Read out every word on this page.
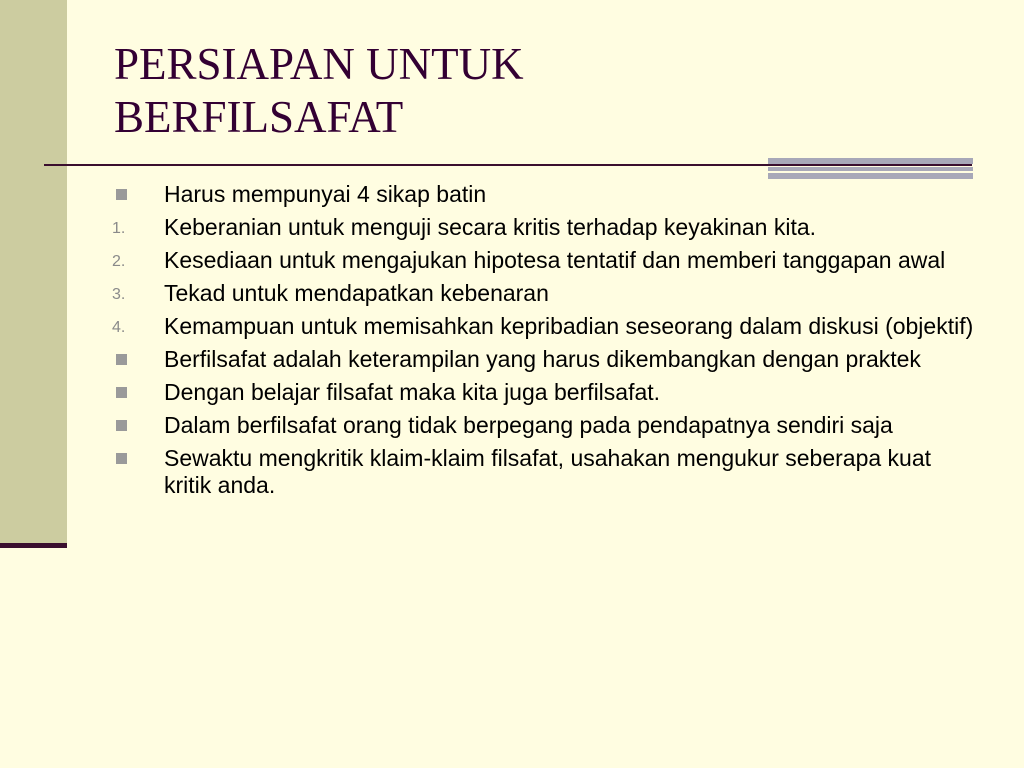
PERSIAPAN UNTUK BERFILSAFAT
Harus mempunyai 4 sikap batin
1. Keberanian untuk menguji secara kritis terhadap keyakinan kita.
2. Kesediaan untuk mengajukan hipotesa tentatif dan memberi tanggapan awal
3. Tekad untuk mendapatkan kebenaran
4. Kemampuan untuk memisahkan kepribadian seseorang dalam diskusi (objektif)
Berfilsafat adalah keterampilan yang harus dikembangkan dengan praktek
Dengan belajar filsafat maka kita juga berfilsafat.
Dalam berfilsafat orang tidak berpegang pada pendapatnya sendiri saja
Sewaktu mengkritik klaim-klaim filsafat, usahakan mengukur seberapa kuat kritik anda.
